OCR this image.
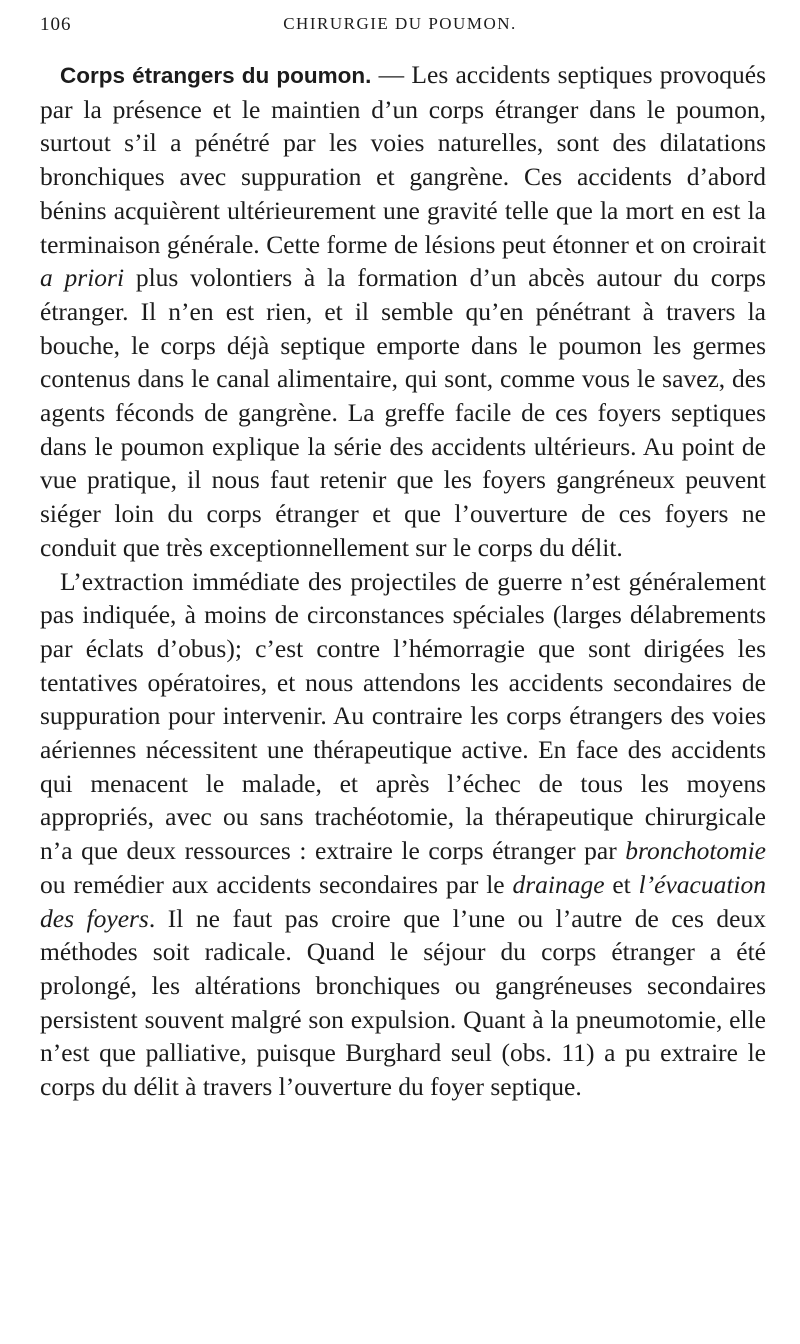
106	CHIRURGIE DU POUMON.

Corps étrangers du poumon. — Les accidents septiques provoqués par la présence et le maintien d’un corps étranger dans le poumon, surtout s’il a pénétré par les voies naturelles, sont des dilatations bronchiques avec suppuration et gangrène. Ces accidents d’abord bénins acquièrent ultérieurement une gravité telle que la mort en est la terminaison générale. Cette forme de lésions peut étonner et on croirait a priori plus volontiers à la formation d’un abcès autour du corps étranger. Il n’en est rien, et il semble qu’en pénétrant à travers la bouche, le corps déjà septique emporte dans le poumon les germes contenus dans le canal alimentaire, qui sont, comme vous le savez, des agents féconds de gangrène. La greffe facile de ces foyers septiques dans le poumon explique la série des accidents ultérieurs. Au point de vue pratique, il nous faut retenir que les foyers gangréneux peuvent siéger loin du corps étranger et que l’ouverture de ces foyers ne conduit que très exceptionnellement sur le corps du délit.

L’extraction immédiate des projectiles de guerre n’est généralement pas indiquée, à moins de circonstances spéciales (larges délabrements par éclats d’obus); c’est contre l’hémorragie que sont dirigées les tentatives opératoires, et nous attendons les accidents secondaires de suppuration pour intervenir. Au contraire les corps étrangers des voies aériennes nécessitent une thérapeutique active. En face des accidents qui menacent le malade, et après l’échec de tous les moyens appropriés, avec ou sans trachéotomie, la thérapeutique chirurgicale n’a que deux ressources : extraire le corps étranger par bronchotomie ou remédier aux accidents secondaires par le drainage et l’évacuation des foyers. Il ne faut pas croire que l’une ou l’autre de ces deux méthodes soit radicale. Quand le séjour du corps étranger a été prolongé, les altérations bronchiques ou gangréneuses secondaires persistent souvent malgré son expulsion. Quant à la pneumotomie, elle n’est que palliative, puisque Burghard seul (obs. 11) a pu extraire le corps du délit à travers l’ouverture du foyer septique.
